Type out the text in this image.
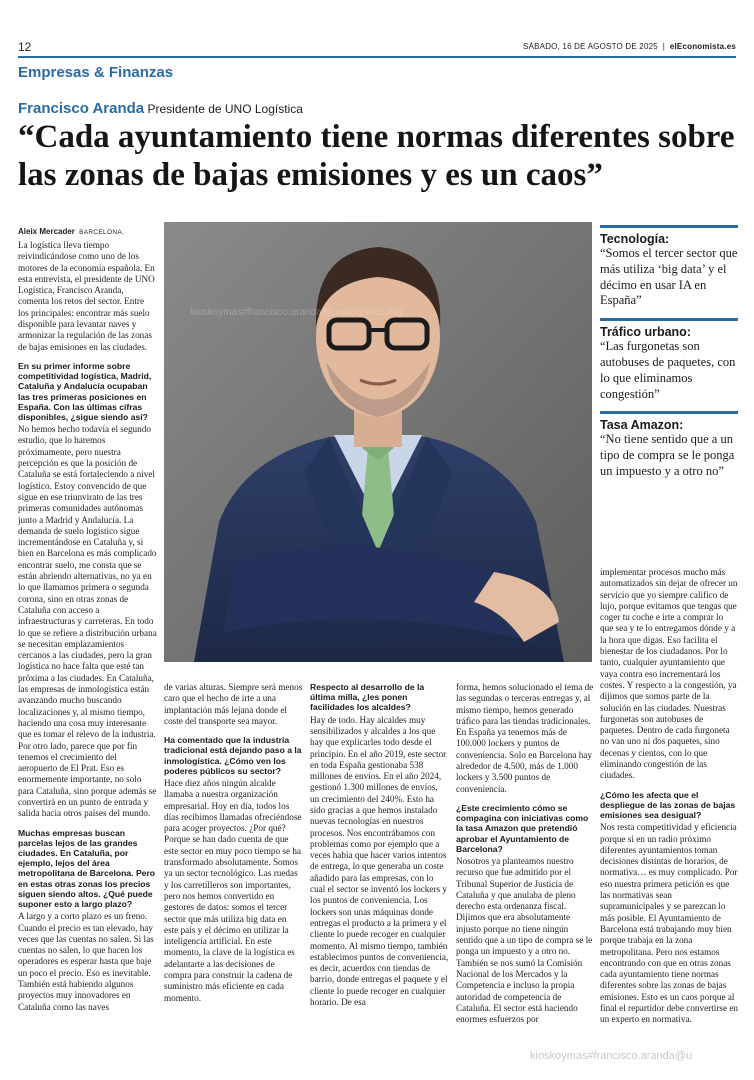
12	SÁBADO, 16 DE AGOSTO DE 2025  |  elEconomista.es
Empresas & Finanzas
Francisco Aranda Presidente de UNO Logística
“Cada ayuntamiento tiene normas diferentes sobre las zonas de bajas emisiones y es un caos”
Aleix Mercader BARCELONA.

La logística lleva tiempo reivindicándose como uno de los motores de la economía española. En esta entrevista, el presidente de UNO Logística, Francisco Aranda, comenta los retos del sector. Entre los principales: encontrar más suelo disponible para levantar naves y armonizar la regulación de las zonas de bajas emisiones en las ciudades.

En su primer informe sobre competitividad logística, Madrid, Cataluña y Andalucía ocupaban las tres primeras posiciones en España. Con las últimas cifras disponibles, ¿sigue siendo así?

No hemos hecho todavía el segundo estudio, que lo haremos próximamente, pero nuestra percepción es que la posición de Cataluña se está fortaleciendo a nivel logístico. Estoy convencido de que sigue en ese triunvirato de las tres primeras comunidades autónomas junto a Madrid y Andalucía. La demanda de suelo logístico sigue incrementándose en Cataluña y, si bien en Barcelona es más complicado encontrar suelo, me consta que se están abriendo alternativas, no ya en lo que llamamos primera o segunda corona, sino en otras zonas de Cataluña con acceso a infraestructuras y carreteras. En todo lo que se refiere a distribución urbana se necesitan emplazamientos cercanos a las ciudades, pero la gran logística no hace falta que esté tan próxima a las ciudades. En Cataluña, las empresas de inmologística están avanzando mucho buscando localizaciones y, al mismo tiempo, haciendo una cosa muy interesante que es tomar el relevo de la industria. Por otro lado, parece que por fin tenemos el crecimiento del aeropuerto de El Prat. Eso es enormemente importante, no solo para Cataluña, sino porque además se convertirá en un punto de entrada y salida hacia otros países del mundo.

Muchas empresas buscan parcelas lejos de las grandes ciudades. En Cataluña, por ejemplo, lejos del área metropolitana de Barcelona. Pero en estas otras zonas los precios siguen siendo altos. ¿Qué puede suponer esto a largo plazo?

A largo y a corto plazo es un freno. Cuando el precio es tan elevado, hay veces que las cuentas no salen. Si las cuentas no salen, lo que hacen los operadores es esperar hasta que baje un poco el precio. Eso es inevitable. También está habiendo algunos proyectos muy innovadores en Cataluña como las naves

kioskoymas#francisco.aranda@unologistica.org
Tecnología:
“Somos el tercer sector que más utiliza ‘big data’ y el décimo en usar IA en España”
Tráfico urbano:
“Las furgonetas son autobuses de paquetes, con lo que eliminamos congestión”
Tasa Amazon:
“No tiene sentido que a un tipo de compra se le ponga un impuesto y a otro no”

de varias alturas. Siempre será menos caro que el hecho de irte a una implantación más lejana donde el coste del transporte sea mayor.

Ha comentado que la industria tradicional está dejando paso a la inmologística. ¿Cómo ven los poderes públicos su sector?

Hace diez años ningún alcalde llamaba a nuestra organización empresarial. Hoy en día, todos los días recibimos llamadas ofreciéndose para acoger proyectos. ¿Por qué? Porque se han dado cuenta de que este sector en muy poco tiempo se ha transformado absolutamente. Somos ya un sector tecnológico. Las ruedas y los carretilleros son importantes, pero nos hemos convertido en gestores de datos: somos el tercer sector que más utiliza big data en este país y el décimo en utilizar la inteligencia artificial. En este momento, la clave de la logística es adelantarte a las decisiones de compra para construir la cadena de suministro más eficiente en cada momento.

Respecto al desarrollo de la última milla, ¿les ponen facilidades los alcaldes?

Hay de todo. Hay alcaldes muy sensibilizados y alcaldes a los que hay que explicarles todo desde el principio. En el año 2019, este sector en toda España gestionaba 538 millones de envíos. En el año 2024, gestionó 1.300 millones de envíos, un crecimiento del 240%. Esto ha sido gracias a que hemos instalado nuevas tecnologías en nuestros procesos. Nos encontrábamos con problemas como por ejemplo que a veces había que hacer varios intentos de entrega, lo que generaba un coste añadido para las empresas, con lo cual el sector se inventó los lockers y los puntos de conveniencia. Los lockers son unas máquinas donde entregas el producto a la primera y el cliente lo puede recoger en cualquier momento. Al mismo tiempo, también establecimos puntos de conveniencia, es decir, acuerdos con tiendas de barrio, donde entregas el paquete y el cliente lo puede recoger en cualquier horario. De esa

forma, hemos solucionado el tema de las segundas o terceras entregas y, al mismo tiempo, hemos generado tráfico para las tiendas tradicionales. En España ya tenemos más de 100.000 lockers y puntos de conveniencia. Solo en Barcelona hay alrededor de 4.500, más de 1.000 lockers y 3.500 puntos de conveniencia.

¿Este crecimiento cómo se compagina con iniciativas como la tasa Amazon que pretendió aprobar el Ayuntamiento de Barcelona?

Nosotros ya planteamos nuestro recurso que fue admitido por el Tribunal Superior de Justicia de Cataluña y que anulaba de pleno derecho esta ordenanza fiscal. Dijimos que era absolutamente injusto porque no tiene ningún sentido que a un tipo de compra se le ponga un impuesto y a otro no. También se nos sumó la Comisión Nacional de los Mercados y la Competencia e incluso la propia autoridad de competencia de Cataluña. El sector está haciendo enormes esfuerzos por

implementar procesos mucho más automatizados sin dejar de ofrecer un servicio que yo siempre califico de lujo, porque evitamos que tengas que coger tu coche e irte a comprar lo que sea y te lo entregamos dónde y a la hora que digas. Eso facilita el bienestar de los ciudadanos. Por lo tanto, cualquier ayuntamiento que vaya contra eso incrementará los costes. Y respecto a la congestión, ya dijimos que somos parte de la solución en las ciudades. Nuestras furgonetas son autobuses de paquetes. Dentro de cada furgoneta no van uno ni dos paquetes, sino decenas y cientos, con lo que eliminando congestión de las ciudades.

¿Cómo les afecta que el despliegue de las zonas de bajas emisiones sea desigual?

Nos resta competitividad y eficiencia porque si en un radio próximo diferentes ayuntamientos toman decisiones distintas de horarios, de normativa… es muy complicado. Por eso nuestra primera petición es que las normativas sean supramunicipales y se parezcan lo más posible. El Ayuntamiento de Barcelona está trabajando muy bien porque trabaja en la zona metropolitana. Pero nos estamos encontrando con que en otras zonas cada ayuntamiento tiene normas diferentes sobre las zonas de bajas emisiones. Esto es un caos porque al final el repartidor debe convertirse en un experto en normativa.

kioskoymas#francisco.aranda@u
